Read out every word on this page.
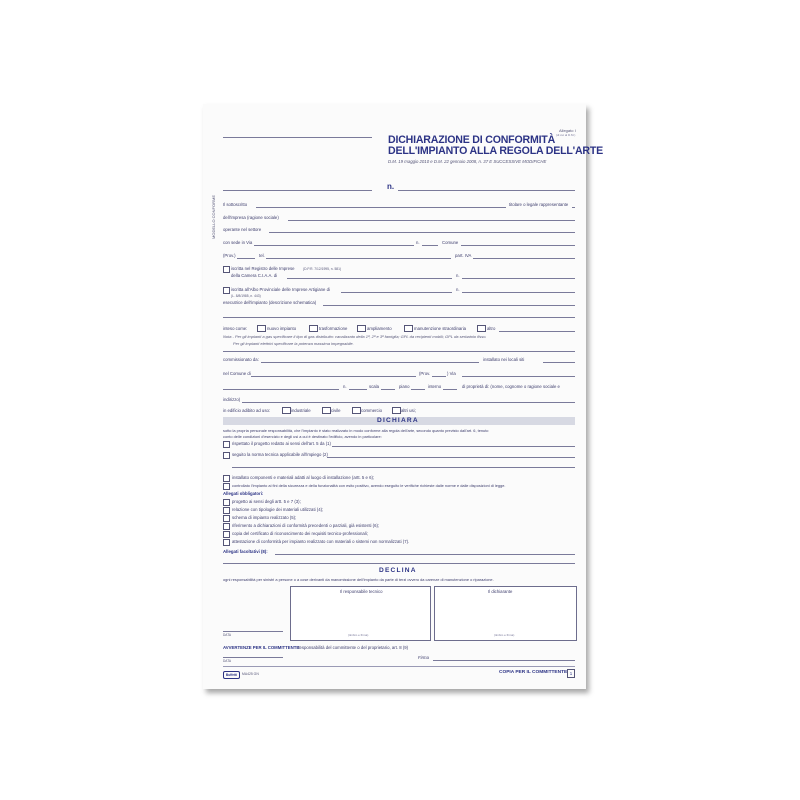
DICHIARAZIONE DI CONFORMITÀ
DELL'IMPIANTO ALLA REGOLA DELL'ARTE
D.M. 19 maggio 2010 e D.M. 22 gennaio 2008, n. 37 E SUCCESSIVE MODIFICHE
Allegato I
(di cui al D.M.)
n.
MODELLO CONFORME Il sottoscritto	titolare o legale rappresentante
dell'impresa (ragione sociale)
operante nel settore
con sede in Via	n.	Comune
(Prov.)	tel.	part. IVA
iscritta nel Registro delle Imprese	(D.P.R. 7/12/1995, n. 581)
della Camera C.I.A.A. di	n.
iscritta all'Albo Provinciale delle Imprese Artigiane di	n.
(L. 8/8/1985, n. 443)
esecutrice dell'impianto (descrizione schematica)
inteso come:	nuovo impianto	trasformazione	ampliamento	manutenzione straordinaria	altro
Nota - Per gli impianti a gas specificare il tipo di gas distribuito: canalizzato della 1ª, 2ª e 3ª famiglia; GPL da recipienti mobili; GPL da serbatoio fisso.
Per gli impianti elettrici specificare la potenza massima impegnabile.
commissionato da:	installato nei locali siti
nel Comune di	(Prov.	) Via
n.	scala	piano	interno	di proprietà di: (nome, cognome o ragione sociale e
indirizzo)
in edificio adibito ad uso:	industriale	civile	commercio	altri usi;
DICHIARA
sotto la propria personale responsabilità, che l'impianto è stato realizzato in modo conforme alla regola dell'arte, secondo quanto previsto dall'art. 6, tenuto
conto delle condizioni d'esercizio e degli usi a cui è destinato l'edificio, avendo in particolare:
rispettato il progetto redatto ai sensi dell'art. 5 da (1)
seguito la norma tecnica applicabile all'impiego (2)
installato componenti e materiali adatti al luogo di installazione (artt. 5 e 6);
controllato l'impianto ai fini della sicurezza e della funzionalità con esito positivo, avendo eseguito le verifiche richieste dalle norme e dalle disposizioni di legge.
Allegati obbligatori:
progetto ai sensi degli artt. 5 e 7 (3);
relazione con tipologie dei materiali utilizzati (4);
schema di impianto realizzato (5);
riferimento a dichiarazioni di conformità precedenti o parziali, già esistenti (6);
copia del certificato di riconoscimento dei requisiti tecnico-professionali;
attestazione di conformità per impianto realizzato con materiali o sistemi non normalizzati (7).
Allegati facoltativi (8):
DECLINA
ogni responsabilità per sinistri a persone o a cose derivanti da manomissione dell'impianto da parte di terzi ovvero da carenze di manutenzione o riparazione.
Il responsabile tecnico
(timbro e firma)
Il dichiarante
(timbro e firma)
DATA
AVVERTENZE PER IL COMMITTENTE:
responsabilità del committente o del proprietario, art. 8 (9)
DATA
Firma
Buffetti	MA425 GN	COPIA PER IL COMMITTENTE 1
